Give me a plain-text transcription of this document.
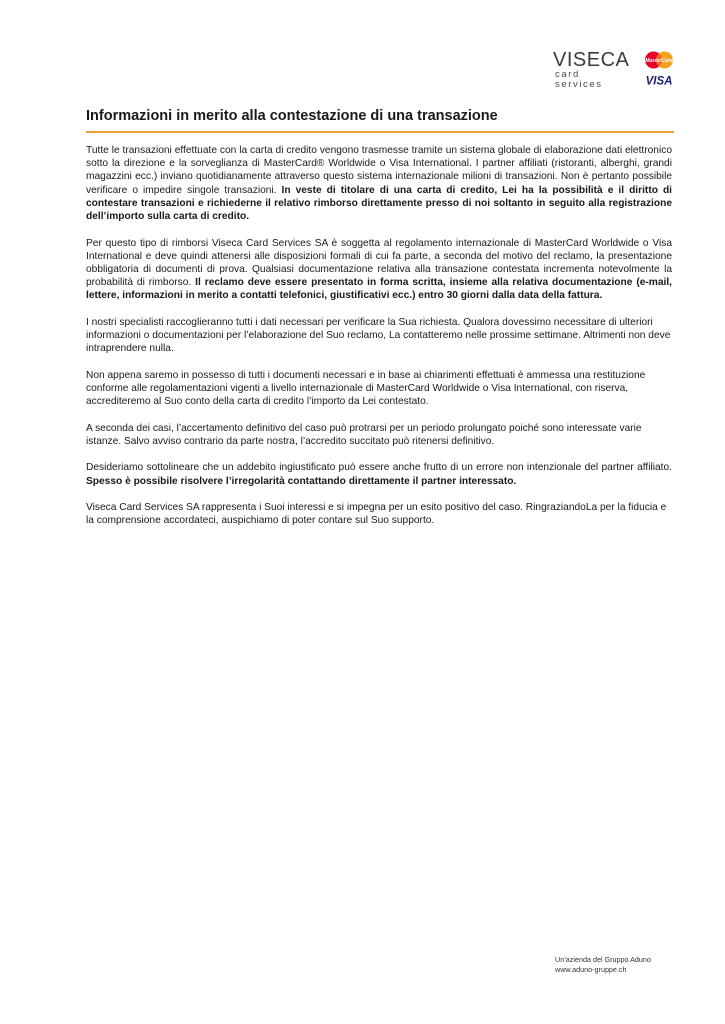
VISECA
card services
MasterCard
VISA
Informazioni in merito alla contestazione di una transazione

Tutte le transazioni effettuate con la carta di credito vengono trasmesse tramite un sistema globale di elaborazione dati elettronico sotto la direzione e la sorveglianza di MasterCard® Worldwide o Visa International. I partner affiliati (ristoranti, alberghi, grandi magazzini ecc.) inviano quotidianamente attraverso questo sistema internazionale milioni di transazioni. Non è pertanto possibile verificare o impedire singole transazioni. In veste di titolare di una carta di credito, Lei ha la possibilità e il diritto di contestare transazioni e richiederne il relativo rimborso direttamente presso di noi soltanto in seguito alla registrazione dell’importo sulla carta di credito.

Per questo tipo di rimborsi Viseca Card Services SA è soggetta al regolamento internazionale di MasterCard Worldwide o Visa International e deve quindi attenersi alle disposizioni formali di cui fa parte, a seconda del motivo del reclamo, la presentazione obbligatoria di documenti di prova. Qualsiasi documentazione relativa alla transazione contestata incrementa notevolmente la probabilità di rimborso. Il reclamo deve essere presentato in forma scritta, insieme alla relativa documentazione (e-mail, lettere, informazioni in merito a contatti telefonici, giustificativi ecc.) entro 30 giorni dalla data della fattura.

I nostri specialisti raccoglieranno tutti i dati necessari per verificare la Sua richiesta. Qualora dovessimo necessitare di ulteriori informazioni o documentazioni per l’elaborazione del Suo reclamo, La contatteremo nelle prossime settimane. Altrimenti non deve intraprendere nulla.

Non appena saremo in possesso di tutti i documenti necessari e in base ai chiarimenti effettuati è ammessa una restituzione conforme alle regolamentazioni vigenti a livello internazionale di MasterCard Worldwide o Visa International, con riserva, accrediteremo al Suo conto della carta di credito l’importo da Lei contestato.

A seconda dei casi, l’accertamento definitivo del caso può protrarsi per un periodo prolungato poiché sono interessate varie istanze. Salvo avviso contrario da parte nostra, l’accredito succitato può ritenersi definitivo.

Desideriamo sottolineare che un addebito ingiustificato può essere anche frutto di un errore non intenzionale del partner affiliato. Spesso è possibile risolvere l’irregolarità contattando direttamente il partner interessato.

Viseca Card Services SA rappresenta i Suoi interessi e si impegna per un esito positivo del caso. RingraziandoLa per la fiducia e la comprensione accordateci, auspichiamo di poter contare sul Suo supporto.

Un’azienda del Gruppo Aduno
www.aduno-gruppe.ch
